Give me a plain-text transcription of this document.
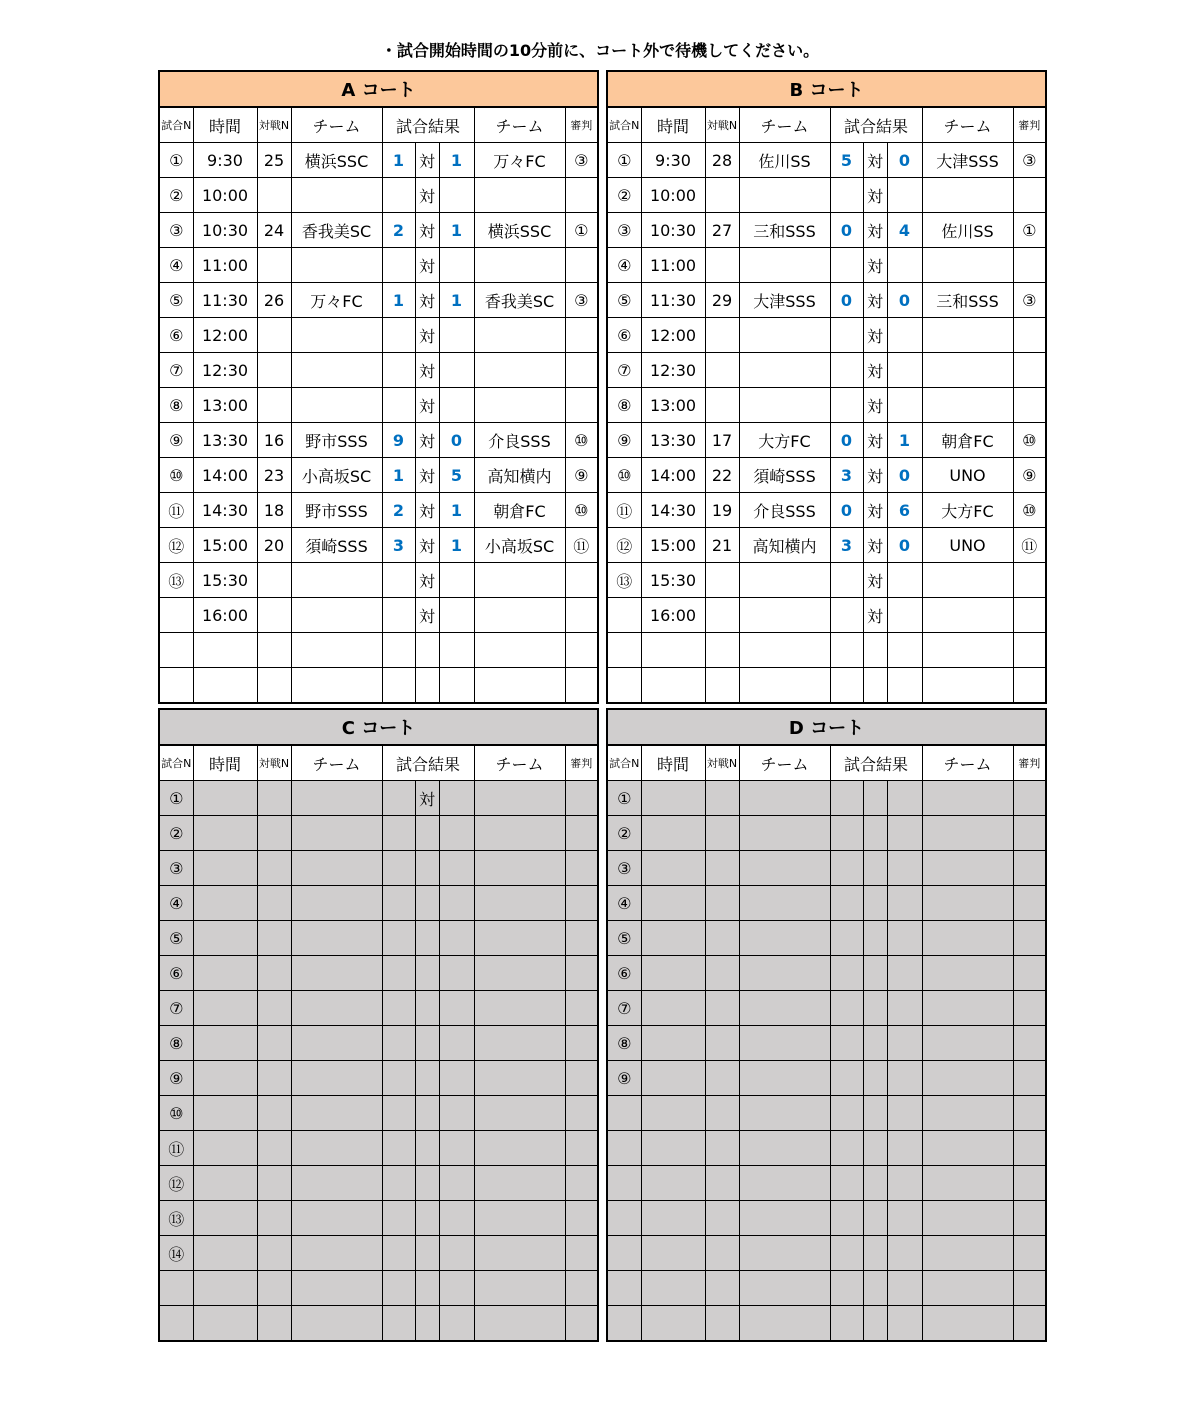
・試合開始時間の10分前に、コート外で待機してください。
A コート								
試合N	時間	対戦N	チーム	試合結果			チーム	審判
①	9:30	25	横浜SSC	1	対	1	万々FC	③
②	10:00				対			
③	10:30	24	香我美SC	2	対	1	横浜SSC	①
④	11:00				対			
⑤	11:30	26	万々FC	1	対	1	香我美SC	③
⑥	12:00				対			
⑦	12:30				対			
⑧	13:00				対			
⑨	13:30	16	野市SSS	9	対	0	介良SSS	⑩
⑩	14:00	23	小高坂SC	1	対	5	高知横内	⑨
⑪	14:30	18	野市SSS	2	対	1	朝倉FC	⑩
⑫	15:00	20	須崎SSS	3	対	1	小高坂SC	⑪
⑬	15:30				対			
	16:00				対			

B コート								
試合N	時間	対戦N	チーム	試合結果			チーム	審判
①	9:30	28	佐川SS	5	対	0	大津SSS	③
②	10:00				対			
③	10:30	27	三和SSS	0	対	4	佐川SS	①
④	11:00				対			
⑤	11:30	29	大津SSS	0	対	0	三和SSS	③
⑥	12:00				対			
⑦	12:30				対			
⑧	13:00				対			
⑨	13:30	17	大方FC	0	対	1	朝倉FC	⑩
⑩	14:00	22	須崎SSS	3	対	0	UNO	⑨
⑪	14:30	19	介良SSS	0	対	6	大方FC	⑩
⑫	15:00	21	高知横内	3	対	0	UNO	⑪
⑬	15:30				対			
	16:00				対			

C コート								
試合N	時間	対戦N	チーム	試合結果			チーム	審判
①					対			
②								
③								
④								
⑤								
⑥								
⑦								
⑧								
⑨								
⑩								
⑪								
⑫								
⑬								
⑭								

D コート								
試合N	時間	対戦N	チーム	試合結果			チーム	審判
①								
②								
③								
④								
⑤								
⑥								
⑦								
⑧								
⑨								
